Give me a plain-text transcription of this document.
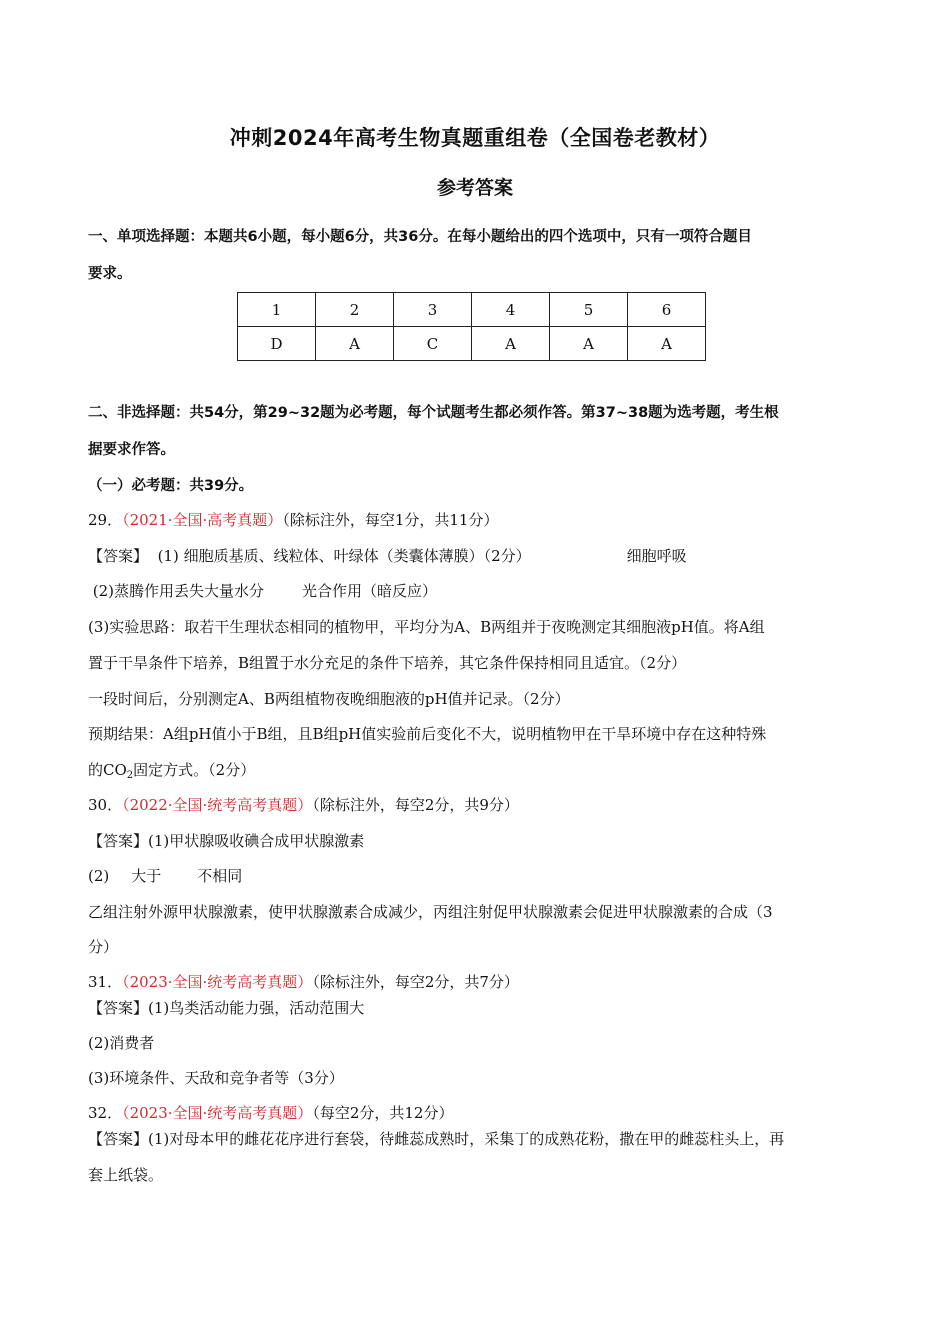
冲刺2024年高考生物真题重组卷（全国卷老教材）
参考答案
一、单项选择题：本题共6小题，每小题6分，共36分。在每小题给出的四个选项中，只有一项符合题目
要求。
1	2	3	4	5	6
D	A	C	A	A	A
二、非选择题：共54分，第29~32题为必考题，每个试题考生都必须作答。第37~38题为选考题，考生根
据要求作答。
（一）必考题：共39分。
29．（2021·全国·高考真题）（除标注外，每空1分，共11分）
【答案】 (1) 细胞质基质、线粒体、叶绿体（类囊体薄膜）（2分）	细胞呼吸
(2)蒸腾作用丢失大量水分	光合作用（暗反应）
(3)实验思路：取若干生理状态相同的植物甲，平均分为A、B两组并于夜晚测定其细胞液pH值。将A组
置于干旱条件下培养，B组置于水分充足的条件下培养，其它条件保持相同且适宜。（2分）
一段时间后，分别测定A、B两组植物夜晚细胞液的pH值并记录。（2分）
预期结果：A组pH值小于B组，且B组pH值实验前后变化不大，说明植物甲在干旱环境中存在这种特殊
的$CO_2$固定方式。（2分）
30．（2022·全国·统考高考真题）（除标注外，每空2分，共9分）
【答案】(1)甲状腺吸收碘合成甲状腺激素
(2) 大于 不相同
乙组注射外源甲状腺激素，使甲状腺激素合成减少，丙组注射促甲状腺激素会促进甲状腺激素的合成（3
分）
31．（2023·全国·统考高考真题）（除标注外，每空2分，共7分）
【答案】(1)鸟类活动能力强，活动范围大
(2)消费者
(3)环境条件、天敌和竞争者等（3分）
32．（2023·全国·统考高考真题）（每空2分，共12分）
【答案】(1)对母本甲的雌花花序进行套袋，待雌蕊成熟时，采集丁的成熟花粉，撒在甲的雌蕊柱头上，再
套上纸袋。
